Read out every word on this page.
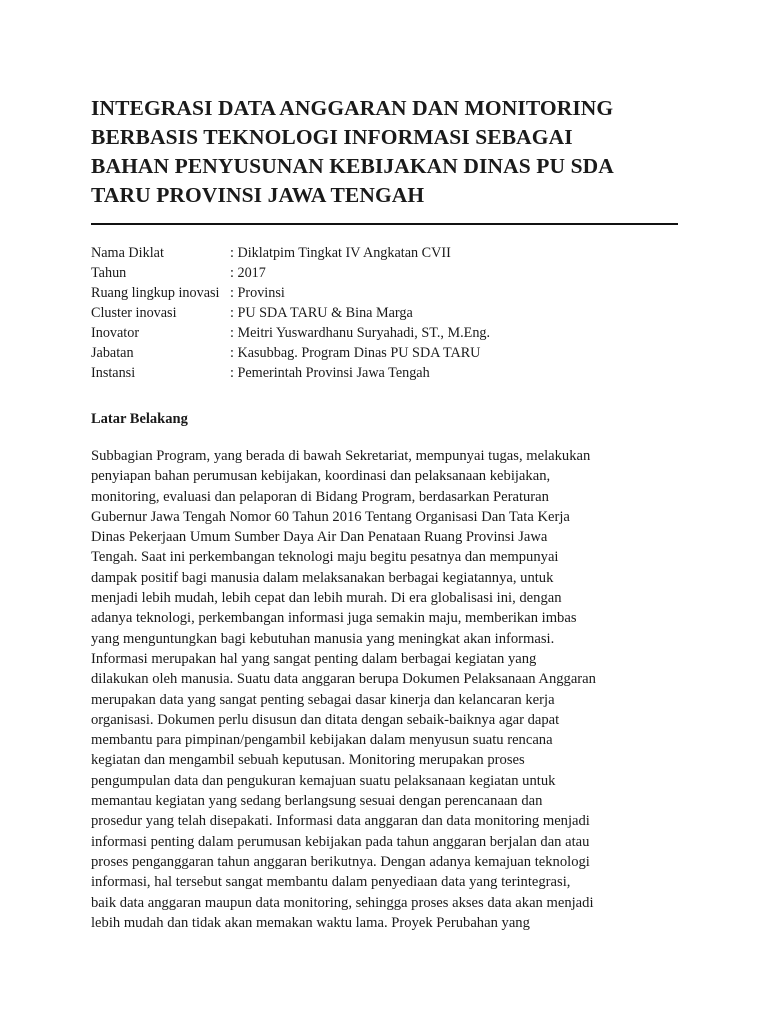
INTEGRASI DATA ANGGARAN DAN MONITORING
BERBASIS TEKNOLOGI INFORMASI SEBAGAI
BAHAN PENYUSUNAN KEBIJAKAN DINAS PU SDA
TARU PROVINSI JAWA TENGAH
Nama Diklat	: Diklatpim Tingkat IV Angkatan CVII
Tahun	: 2017
Ruang lingkup inovasi : Provinsi
Cluster inovasi	: PU SDA TARU & Bina Marga
Inovator	: Meitri Yuswardhanu Suryahadi, ST., M.Eng.
Jabatan	: Kasubbag. Program Dinas PU SDA TARU
Instansi	: Pemerintah Provinsi Jawa Tengah
Latar Belakang
Subbagian Program, yang berada di bawah Sekretariat, mempunyai tugas, melakukan
penyiapan bahan perumusan kebijakan, koordinasi dan pelaksanaan kebijakan,
monitoring, evaluasi dan pelaporan di Bidang Program, berdasarkan Peraturan
Gubernur Jawa Tengah Nomor 60 Tahun 2016 Tentang Organisasi Dan Tata Kerja
Dinas Pekerjaan Umum Sumber Daya Air Dan Penataan Ruang Provinsi Jawa
Tengah. Saat ini perkembangan teknologi maju begitu pesatnya dan mempunyai
dampak positif bagi manusia dalam melaksanakan berbagai kegiatannya, untuk
menjadi lebih mudah, lebih cepat dan lebih murah. Di era globalisasi ini, dengan
adanya teknologi, perkembangan informasi juga semakin maju, memberikan imbas
yang menguntungkan bagi kebutuhan manusia yang meningkat akan informasi.
Informasi merupakan hal yang sangat penting dalam berbagai kegiatan yang
dilakukan oleh manusia. Suatu data anggaran berupa Dokumen Pelaksanaan Anggaran
merupakan data yang sangat penting sebagai dasar kinerja dan kelancaran kerja
organisasi. Dokumen perlu disusun dan ditata dengan sebaik-baiknya agar dapat
membantu para pimpinan/pengambil kebijakan dalam menyusun suatu rencana
kegiatan dan mengambil sebuah keputusan. Monitoring merupakan proses
pengumpulan data dan pengukuran kemajuan suatu pelaksanaan kegiatan untuk
memantau kegiatan yang sedang berlangsung sesuai dengan perencanaan dan
prosedur yang telah disepakati. Informasi data anggaran dan data monitoring menjadi
informasi penting dalam perumusan kebijakan pada tahun anggaran berjalan dan atau
proses penganggaran tahun anggaran berikutnya. Dengan adanya kemajuan teknologi
informasi, hal tersebut sangat membantu dalam penyediaan data yang terintegrasi,
baik data anggaran maupun data monitoring, sehingga proses akses data akan menjadi
lebih mudah dan tidak akan memakan waktu lama. Proyek Perubahan yang
